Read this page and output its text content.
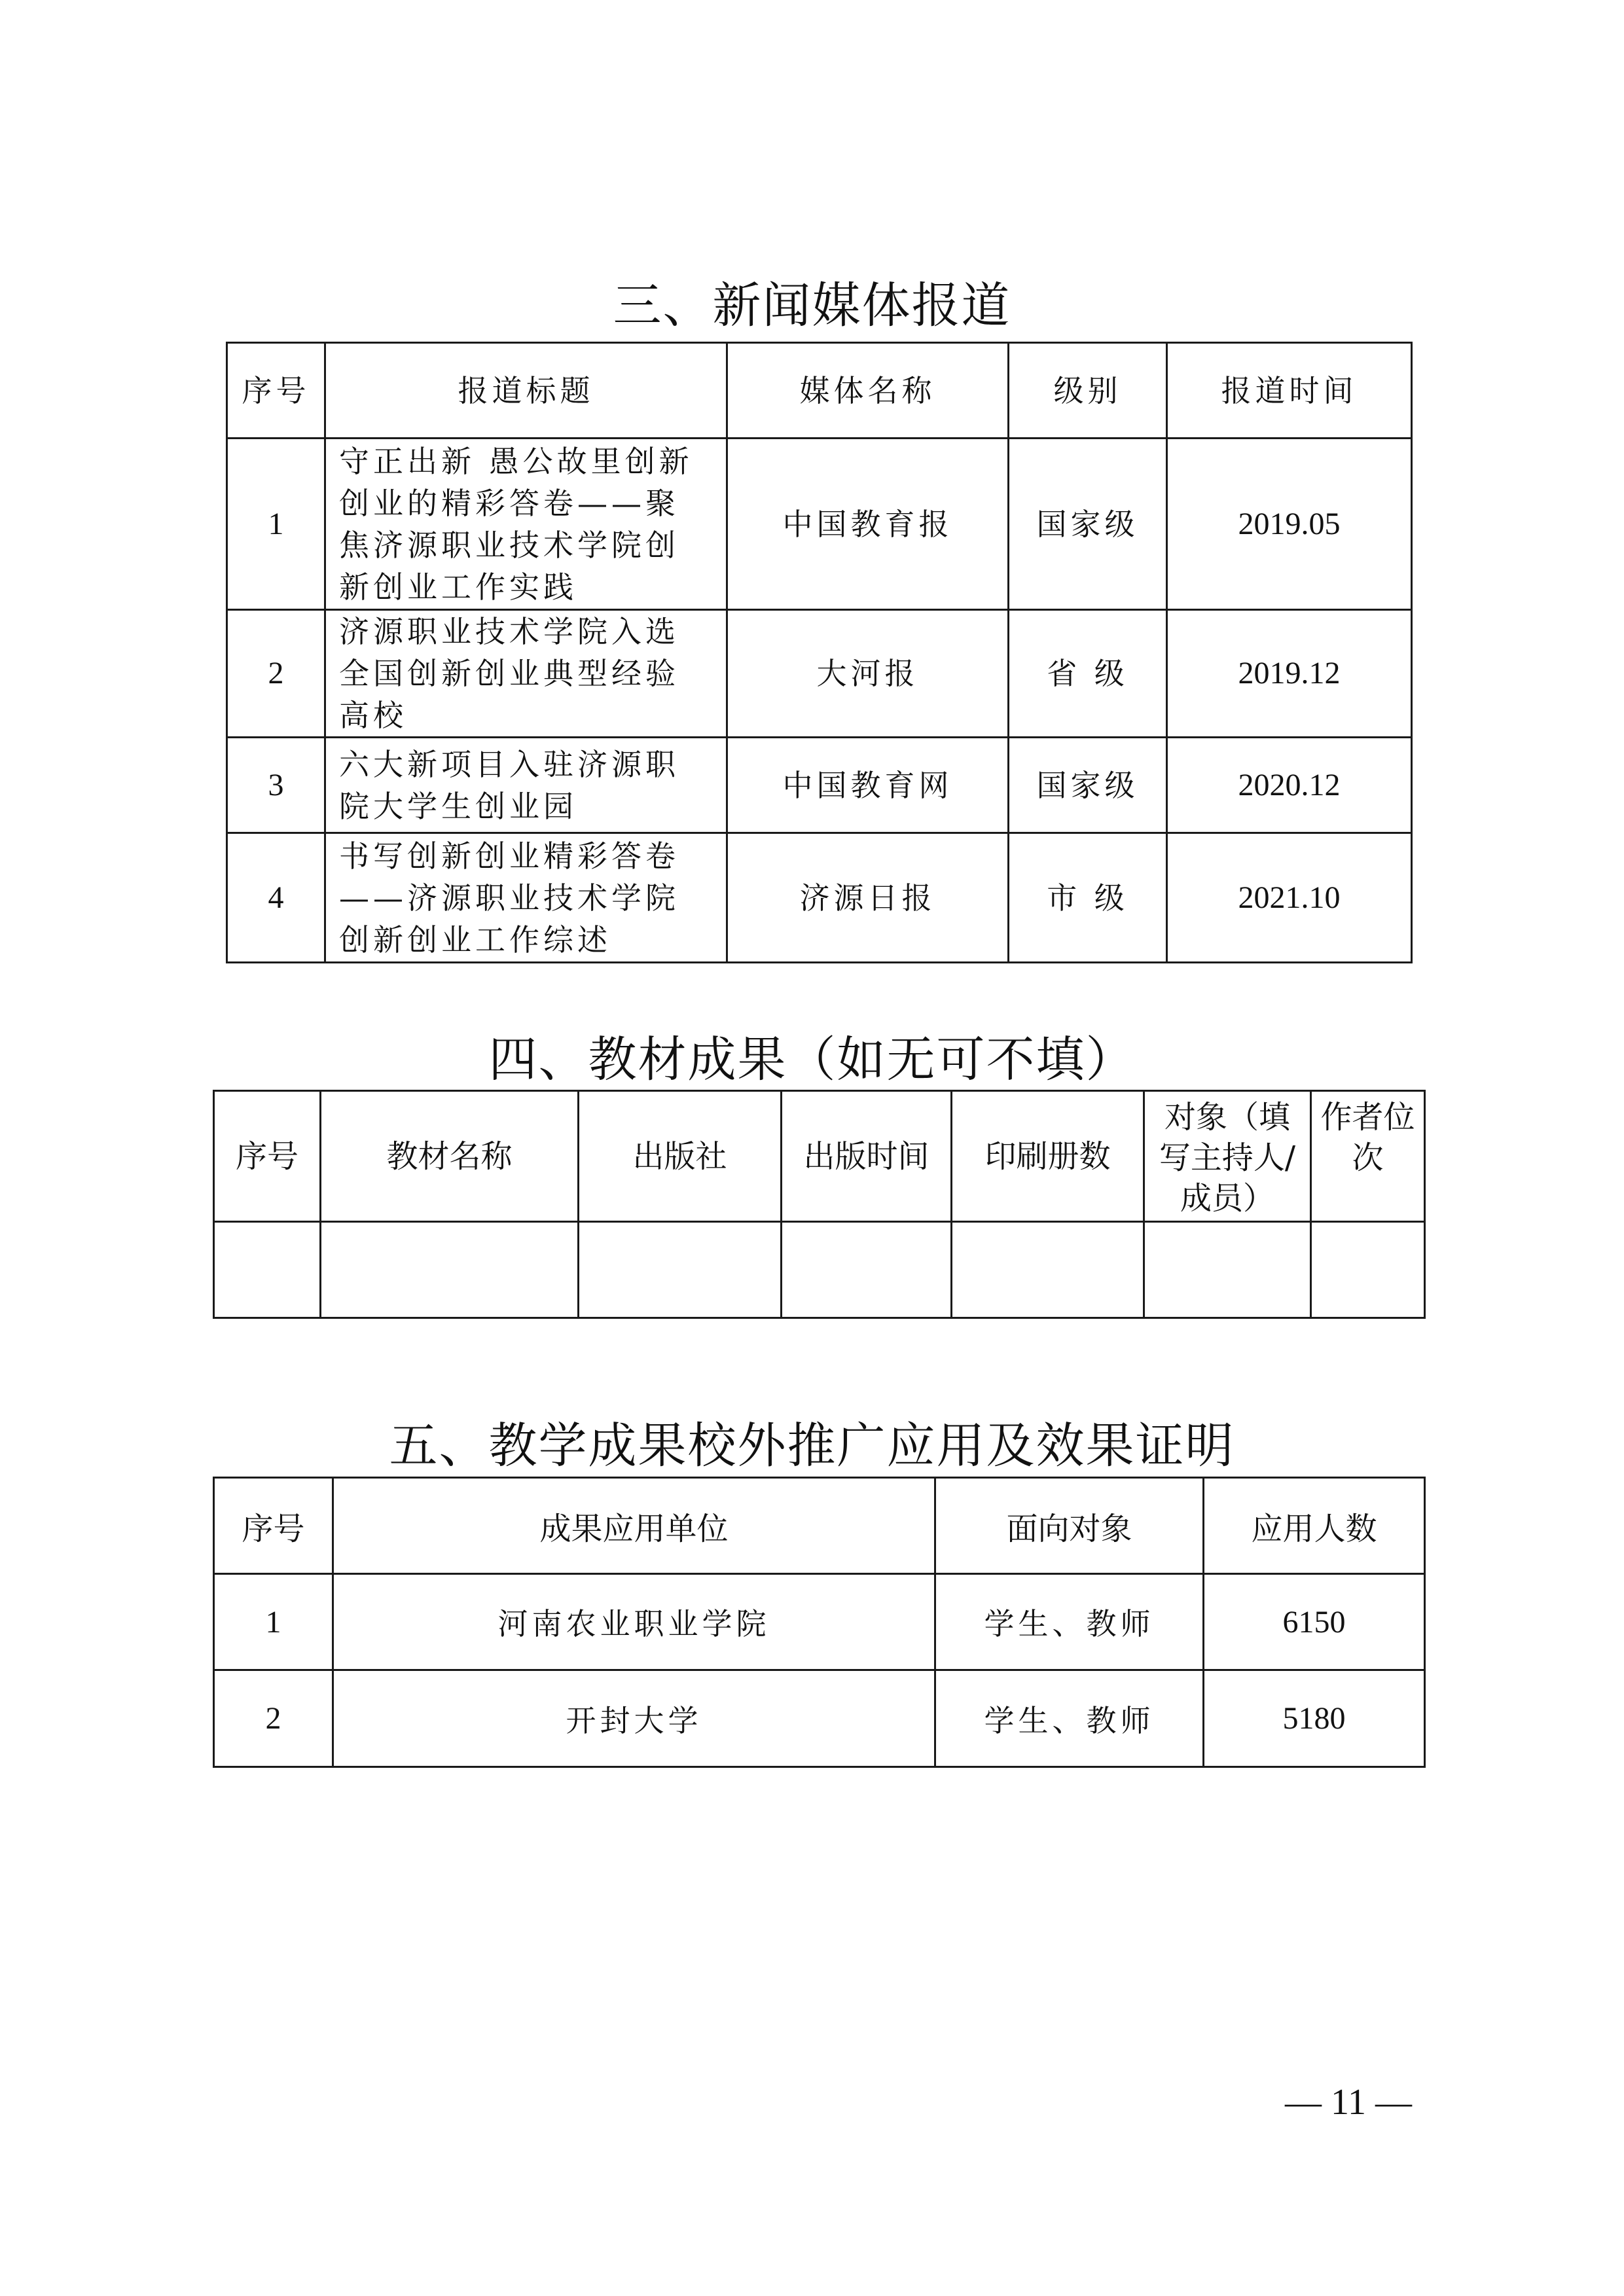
三、新闻媒体报道
序号	报道标题	媒体名称	级别	报道时间
1	守正出新 愚公故里创新创业的精彩答卷——聚焦济源职业技术学院创新创业工作实践	中国教育报	国家级	2019.05
2	济源职业技术学院入选全国创新创业典型经验高校	大河报	省 级	2019.12
3	六大新项目入驻济源职院大学生创业园	中国教育网	国家级	2020.12
4	书写创新创业精彩答卷——济源职业技术学院创新创业工作综述	济源日报	市 级	2021.10
四、教材成果（如无可不填）
序号	教材名称	出版社	出版时间	印刷册数	对象（填写主持人/成员）	作者位次

五、教学成果校外推广应用及效果证明
序号	成果应用单位	面向对象	应用人数
1	河南农业职业学院	学生、教师	6150
2	开封大学	学生、教师	5180
— 11 —
